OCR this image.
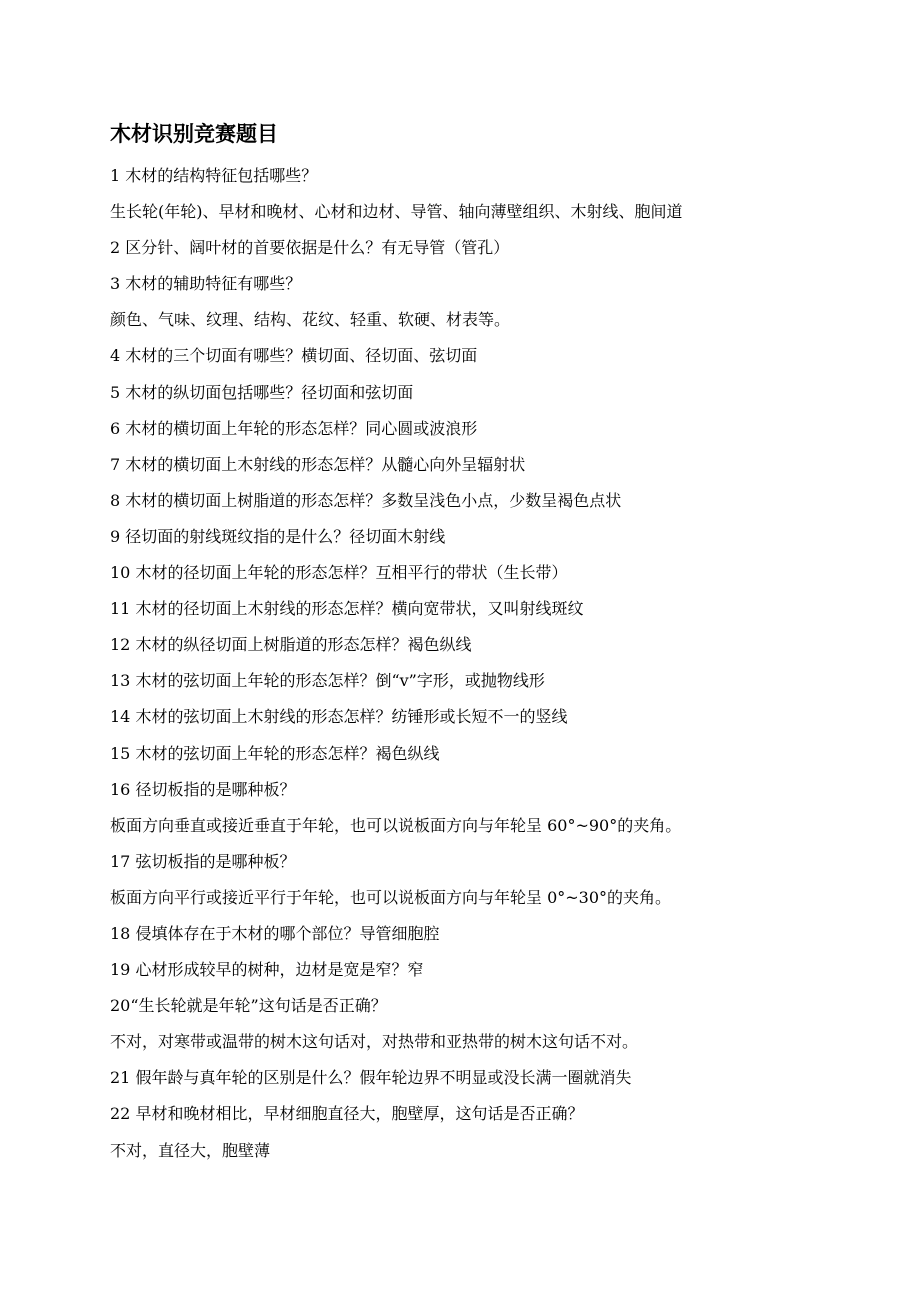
木材识别竞赛题目
1 木材的结构特征包括哪些？
生长轮(年轮)、早材和晚材、心材和边材、导管、轴向薄壁组织、木射线、胞间道
2 区分针、阔叶材的首要依据是什么？有无导管（管孔）
3 木材的辅助特征有哪些？
颜色、气味、纹理、结构、花纹、轻重、软硬、材表等。
4 木材的三个切面有哪些？横切面、径切面、弦切面
5 木材的纵切面包括哪些？径切面和弦切面
6 木材的横切面上年轮的形态怎样？同心圆或波浪形
7 木材的横切面上木射线的形态怎样？从髓心向外呈辐射状
8 木材的横切面上树脂道的形态怎样？多数呈浅色小点，少数呈褐色点状
9 径切面的射线斑纹指的是什么？径切面木射线
10 木材的径切面上年轮的形态怎样？互相平行的带状（生长带）
11 木材的径切面上木射线的形态怎样？横向宽带状，又叫射线斑纹
12 木材的纵径切面上树脂道的形态怎样？褐色纵线
13 木材的弦切面上年轮的形态怎样？倒“v”字形，或抛物线形
14 木材的弦切面上木射线的形态怎样？纺锤形或长短不一的竖线
15 木材的弦切面上年轮的形态怎样？褐色纵线
16 径切板指的是哪种板？
板面方向垂直或接近垂直于年轮，也可以说板面方向与年轮呈 60°~90°的夹角。
17 弦切板指的是哪种板？
板面方向平行或接近平行于年轮，也可以说板面方向与年轮呈 0°~30°的夹角。
18 侵填体存在于木材的哪个部位？导管细胞腔
19 心材形成较早的树种，边材是宽是窄？窄
20“生长轮就是年轮”这句话是否正确？
不对，对寒带或温带的树木这句话对，对热带和亚热带的树木这句话不对。
21 假年龄与真年轮的区别是什么？假年轮边界不明显或没长满一圈就消失
22 早材和晚材相比，早材细胞直径大，胞壁厚，这句话是否正确？
不对，直径大，胞壁薄
